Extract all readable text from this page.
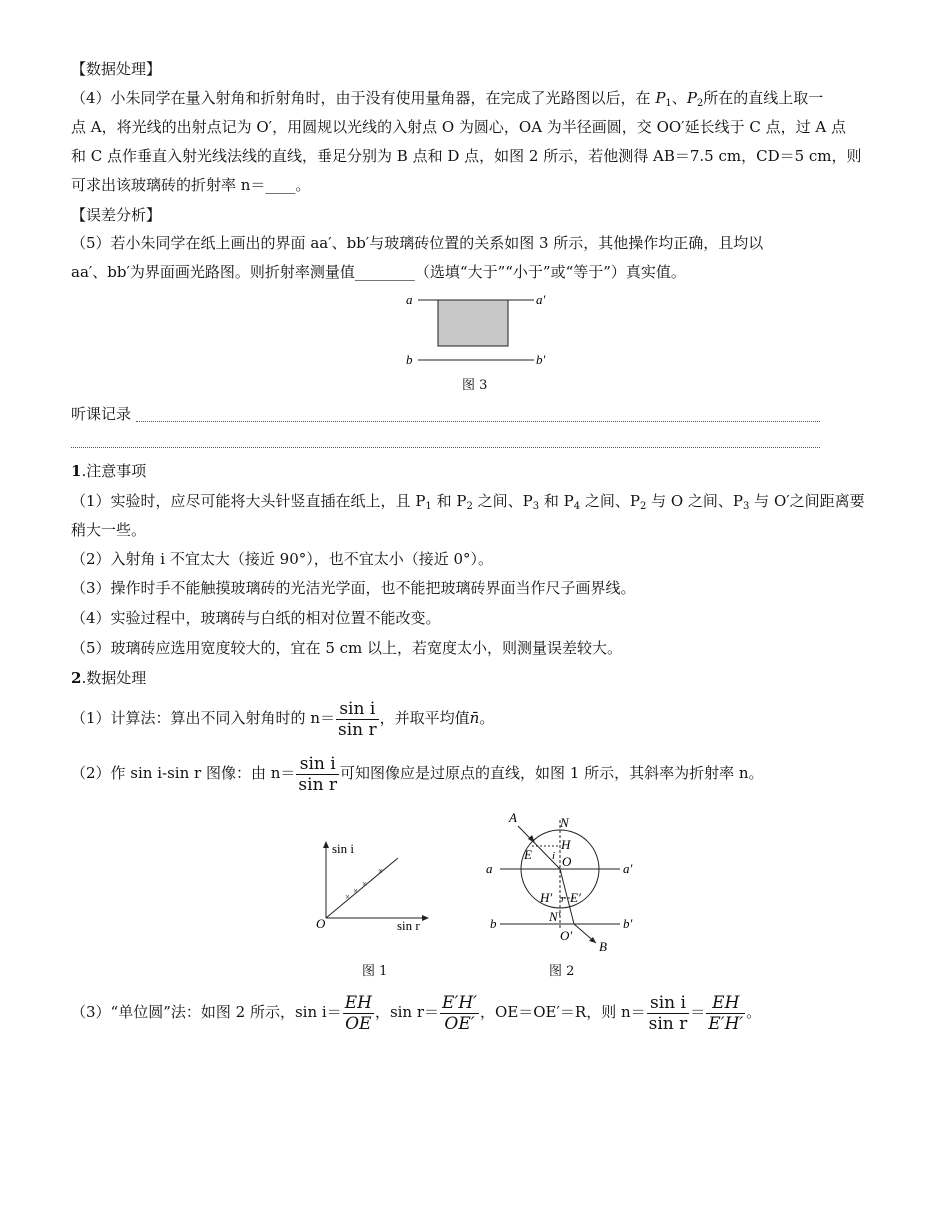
【数据处理】
（4）小朱同学在量入射角和折射角时，由于没有使用量角器，在完成了光路图以后，在 $P_1$、$P_2$所在的直线上取一
点 A，将光线的出射点记为 O′，用圆规以光线的入射点 O 为圆心，OA 为半径画圆，交 OO′延长线于 C 点，过 A 点
和 C 点作垂直入射光线法线的直线，垂足分别为 B 点和 D 点，如图 2 所示，若他测得 AB＝7.5 cm，CD＝5 cm，则
可求出该玻璃砖的折射率 n＝____。
【误差分析】
（5）若小朱同学在纸上画出的界面 aa′、bb′与玻璃砖位置的关系如图 3 所示，其他操作均正确，且均以
aa′、bb′为界面画光路图。则折射率测量值________（选填“大于”“小于”或“等于”）真实值。
a	a′
b	b′
图 3
听课记录
1.注意事项
（1）实验时，应尽可能将大头针竖直插在纸上，且 $P_1$ 和 $P_2$ 之间、$P_3$ 和 $P_4$ 之间、$P_2$ 与 O 之间、$P_3$ 与 O′之间距离要
稍大一些。
（2）入射角 i 不宜太大（接近 90°），也不宜太小（接近 0°）。
（3）操作时手不能触摸玻璃砖的光洁光学面，也不能把玻璃砖界面当作尺子画界线。
（4）实验过程中，玻璃砖与白纸的相对位置不能改变。
（5）玻璃砖应选用宽度较大的，宜在 5 cm 以上，若宽度太小，则测量误差较大。
2.数据处理
（1）计算法：算出不同入射角时的 $n= \frac{\text{sin i}}{\text{sin r}}$ ，并取平均值n̄。
（2）作 sin i-sin r 图像：由 $n= \frac{\text{sin i}}{\text{sin r}}$ 可知图像应是过原点的直线，如图 1 所示，其斜率为折射率 n。
×
×
×
×
sin i
sin r
O
图 1
A	N
H
E i O
a	a′
H′ r E′
N′
b	b′
O′
B
图 2
（3）“单位圆”法：如图 2 所示，$\sin i= \frac{EH}{OE}$ ，$\sin r= \frac{E'H'}{OE'}$ ，OE＝OE′＝R，则 $n= \frac{\text{sin i}}{\text{sin r}} = \frac{EH}{E'H'}$ 。
